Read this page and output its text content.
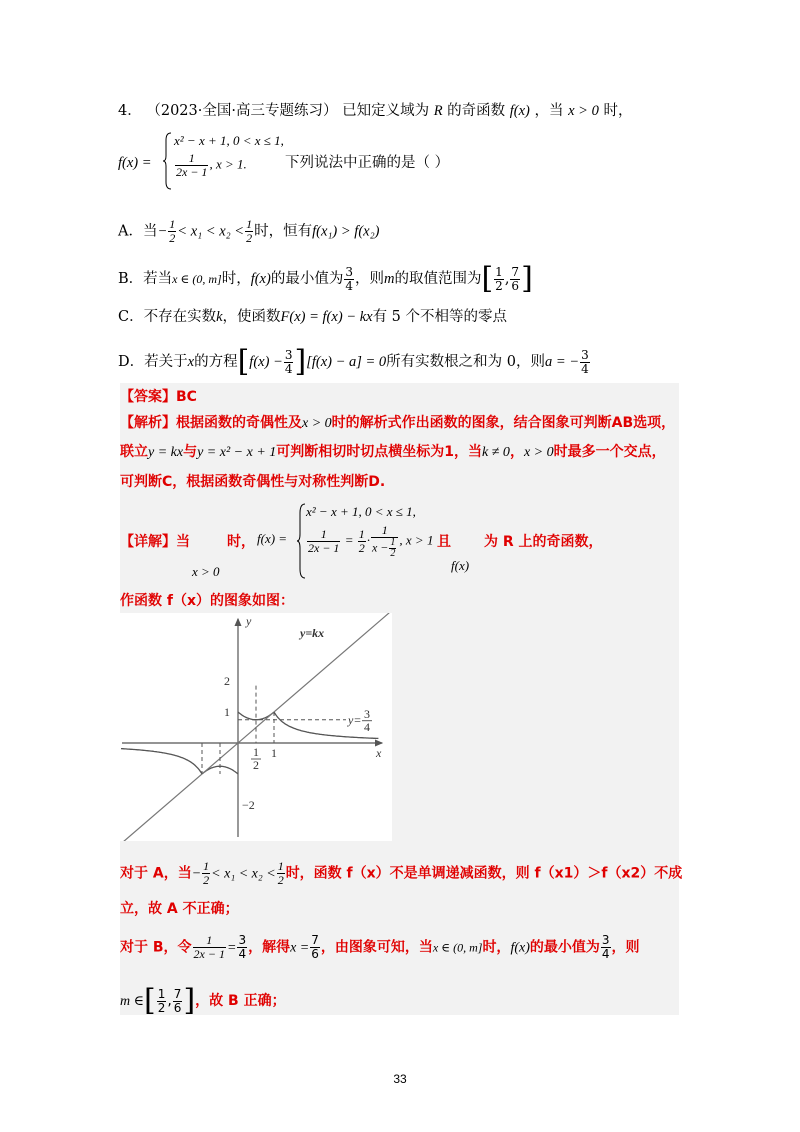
4． （2023·全国·高三专题练习） 已知定义域为 R 的奇函数 f(x) ，当 x > 0 时，
f(x) =
x² − x + 1, 0 < x ≤ 1,
$\frac{1}{2x - 1}$ , x > 1.	下列说法中正确的是（ ）
A．当− $\frac{1}{2} < x_1 < x_2 < \frac{1}{2}$ 时，恒有f(x₁) > f(x₂)
B．若当x ∈ (0, m]时，f(x)的最小值为 $\frac{3}{4}$ ，则m的取值范围为[ $\frac{1}{2}$ , $\frac{7}{6}$ ]
C．不存在实数k，使函数F(x) = f(x) − kx有 5 个不相等的零点
D．若关于x的方程$[f(x) - \frac{3}{4} ][f(x) - a] = 0$所有实数根之和为 0，则a = − $\frac{3}{4}$
【答案】BC
【解析】根据函数的奇偶性及x > 0时的解析式作出函数的图象，结合图象可判断AB选项，
联立y = kx与y = x² − x + 1可判断相切时切点横坐标为1，当k ≠ 0，x > 0时最多一个交点，
可判断C，根据函数奇偶性与对称性判断D.
【详解】当	时，
x > 0
f(x) =
x² − x + 1, 0 < x ≤ 1,
$\frac{1}{2x - 1} = \frac{1}{2} \cdot \frac{1}{x - \frac{1}{2}}$ , x > 1 且
f(x)
为 R 上的奇函数，
作函数 f（x）的图象如图：
y
x
y=kx
2
1
−2
1
1
2
y= 3
4
对于 A，当− $\frac{1}{2} < x_1 < x_2 < \frac{1}{2}$ 时，函数 f（x）不是单调递减函数，则 f（x1）＞f（x2）不成
立，故 A 不正确；
对于 B，令 $\frac{1}{2x - 1} = \frac{3}{4}$ ，解得$x = \frac{7}{6}$ ，由图象可知，当x ∈ (0, m]时，f(x)的最小值为 $\frac{3}{4}$ ，则
m ∈[ $\frac{1}{2}$ , $\frac{7}{6}$ ]，故 B 正确；
33
